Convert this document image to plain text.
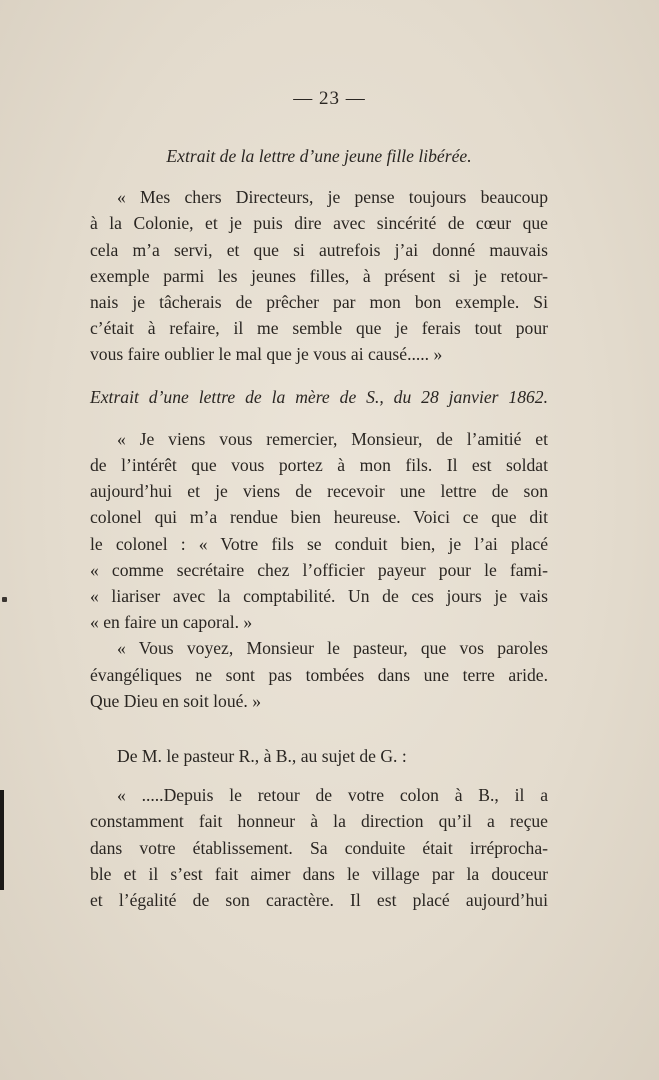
— 23 —

Extrait de la lettre d’une jeune fille libérée.

« Mes chers Directeurs, je pense toujours beaucoup
à la Colonie, et je puis dire avec sincérité de cœur que
cela m’a servi, et que si autrefois j’ai donné mauvais
exemple parmi les jeunes filles, à présent si je retour-
nais je tâcherais de prêcher par mon bon exemple. Si
c’était à refaire, il me semble que je ferais tout pour
vous faire oublier le mal que je vous ai causé..... »

Extrait d’une lettre de la mère de S., du 28 janvier 1862.

« Je viens vous remercier, Monsieur, de l’amitié et
de l’intérêt que vous portez à mon fils. Il est soldat
aujourd’hui et je viens de recevoir une lettre de son
colonel qui m’a rendue bien heureuse. Voici ce que dit
le colonel : « Votre fils se conduit bien, je l’ai placé
« comme secrétaire chez l’officier payeur pour le fami-
« liariser avec la comptabilité. Un de ces jours je vais
« en faire un caporal. »

« Vous voyez, Monsieur le pasteur, que vos paroles
évangéliques ne sont pas tombées dans une terre aride.
Que Dieu en soit loué. »

De M. le pasteur R., à B., au sujet de G. :

« .....Depuis le retour de votre colon à B., il a
constamment fait honneur à la direction qu’il a reçue
dans votre établissement. Sa conduite était irréprocha-
ble et il s’est fait aimer dans le village par la douceur
et l’égalité de son caractère. Il est placé aujourd’hui
